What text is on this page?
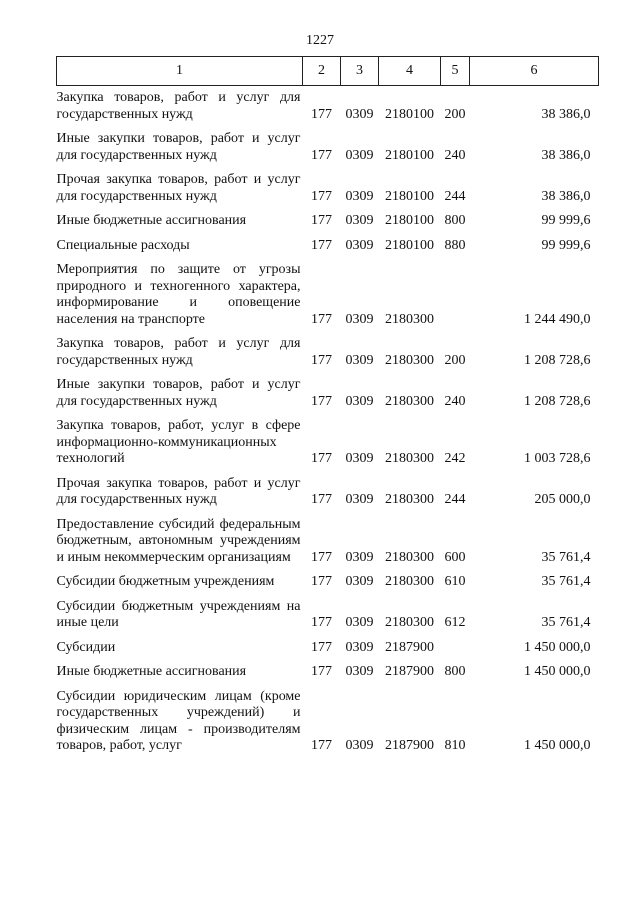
1227
1	2	3	4	5	6
Закупка товаров, работ и услуг для государственных нужд	177	0309	2180100	200	38 386,0
Иные закупки товаров, работ и услуг для государственных нужд	177	0309	2180100	240	38 386,0
Прочая закупка товаров, работ и услуг для государственных нужд	177	0309	2180100	244	38 386,0
Иные бюджетные ассигнования	177	0309	2180100	800	99 999,6
Специальные расходы	177	0309	2180100	880	99 999,6
Мероприятия по защите от угрозы природного и техногенного характера, информирование и оповещение населения на транспорте	177	0309	2180300		1 244 490,0
Закупка товаров, работ и услуг для государственных нужд	177	0309	2180300	200	1 208 728,6
Иные закупки товаров, работ и услуг для государственных нужд	177	0309	2180300	240	1 208 728,6
Закупка товаров, работ, услуг в сфере информационно-коммуникационных технологий	177	0309	2180300	242	1 003 728,6
Прочая закупка товаров, работ и услуг для государственных нужд	177	0309	2180300	244	205 000,0
Предоставление субсидий федеральным бюджетным, автономным учреждениям и иным некоммерческим организациям	177	0309	2180300	600	35 761,4
Субсидии бюджетным учреждениям	177	0309	2180300	610	35 761,4
Субсидии бюджетным учреждениям на иные цели	177	0309	2180300	612	35 761,4
Субсидии	177	0309	2187900		1 450 000,0
Иные бюджетные ассигнования	177	0309	2187900	800	1 450 000,0
Субсидии юридическим лицам (кроме государственных учреждений) и физическим лицам - производителям товаров, работ, услуг	177	0309	2187900	810	1 450 000,0
